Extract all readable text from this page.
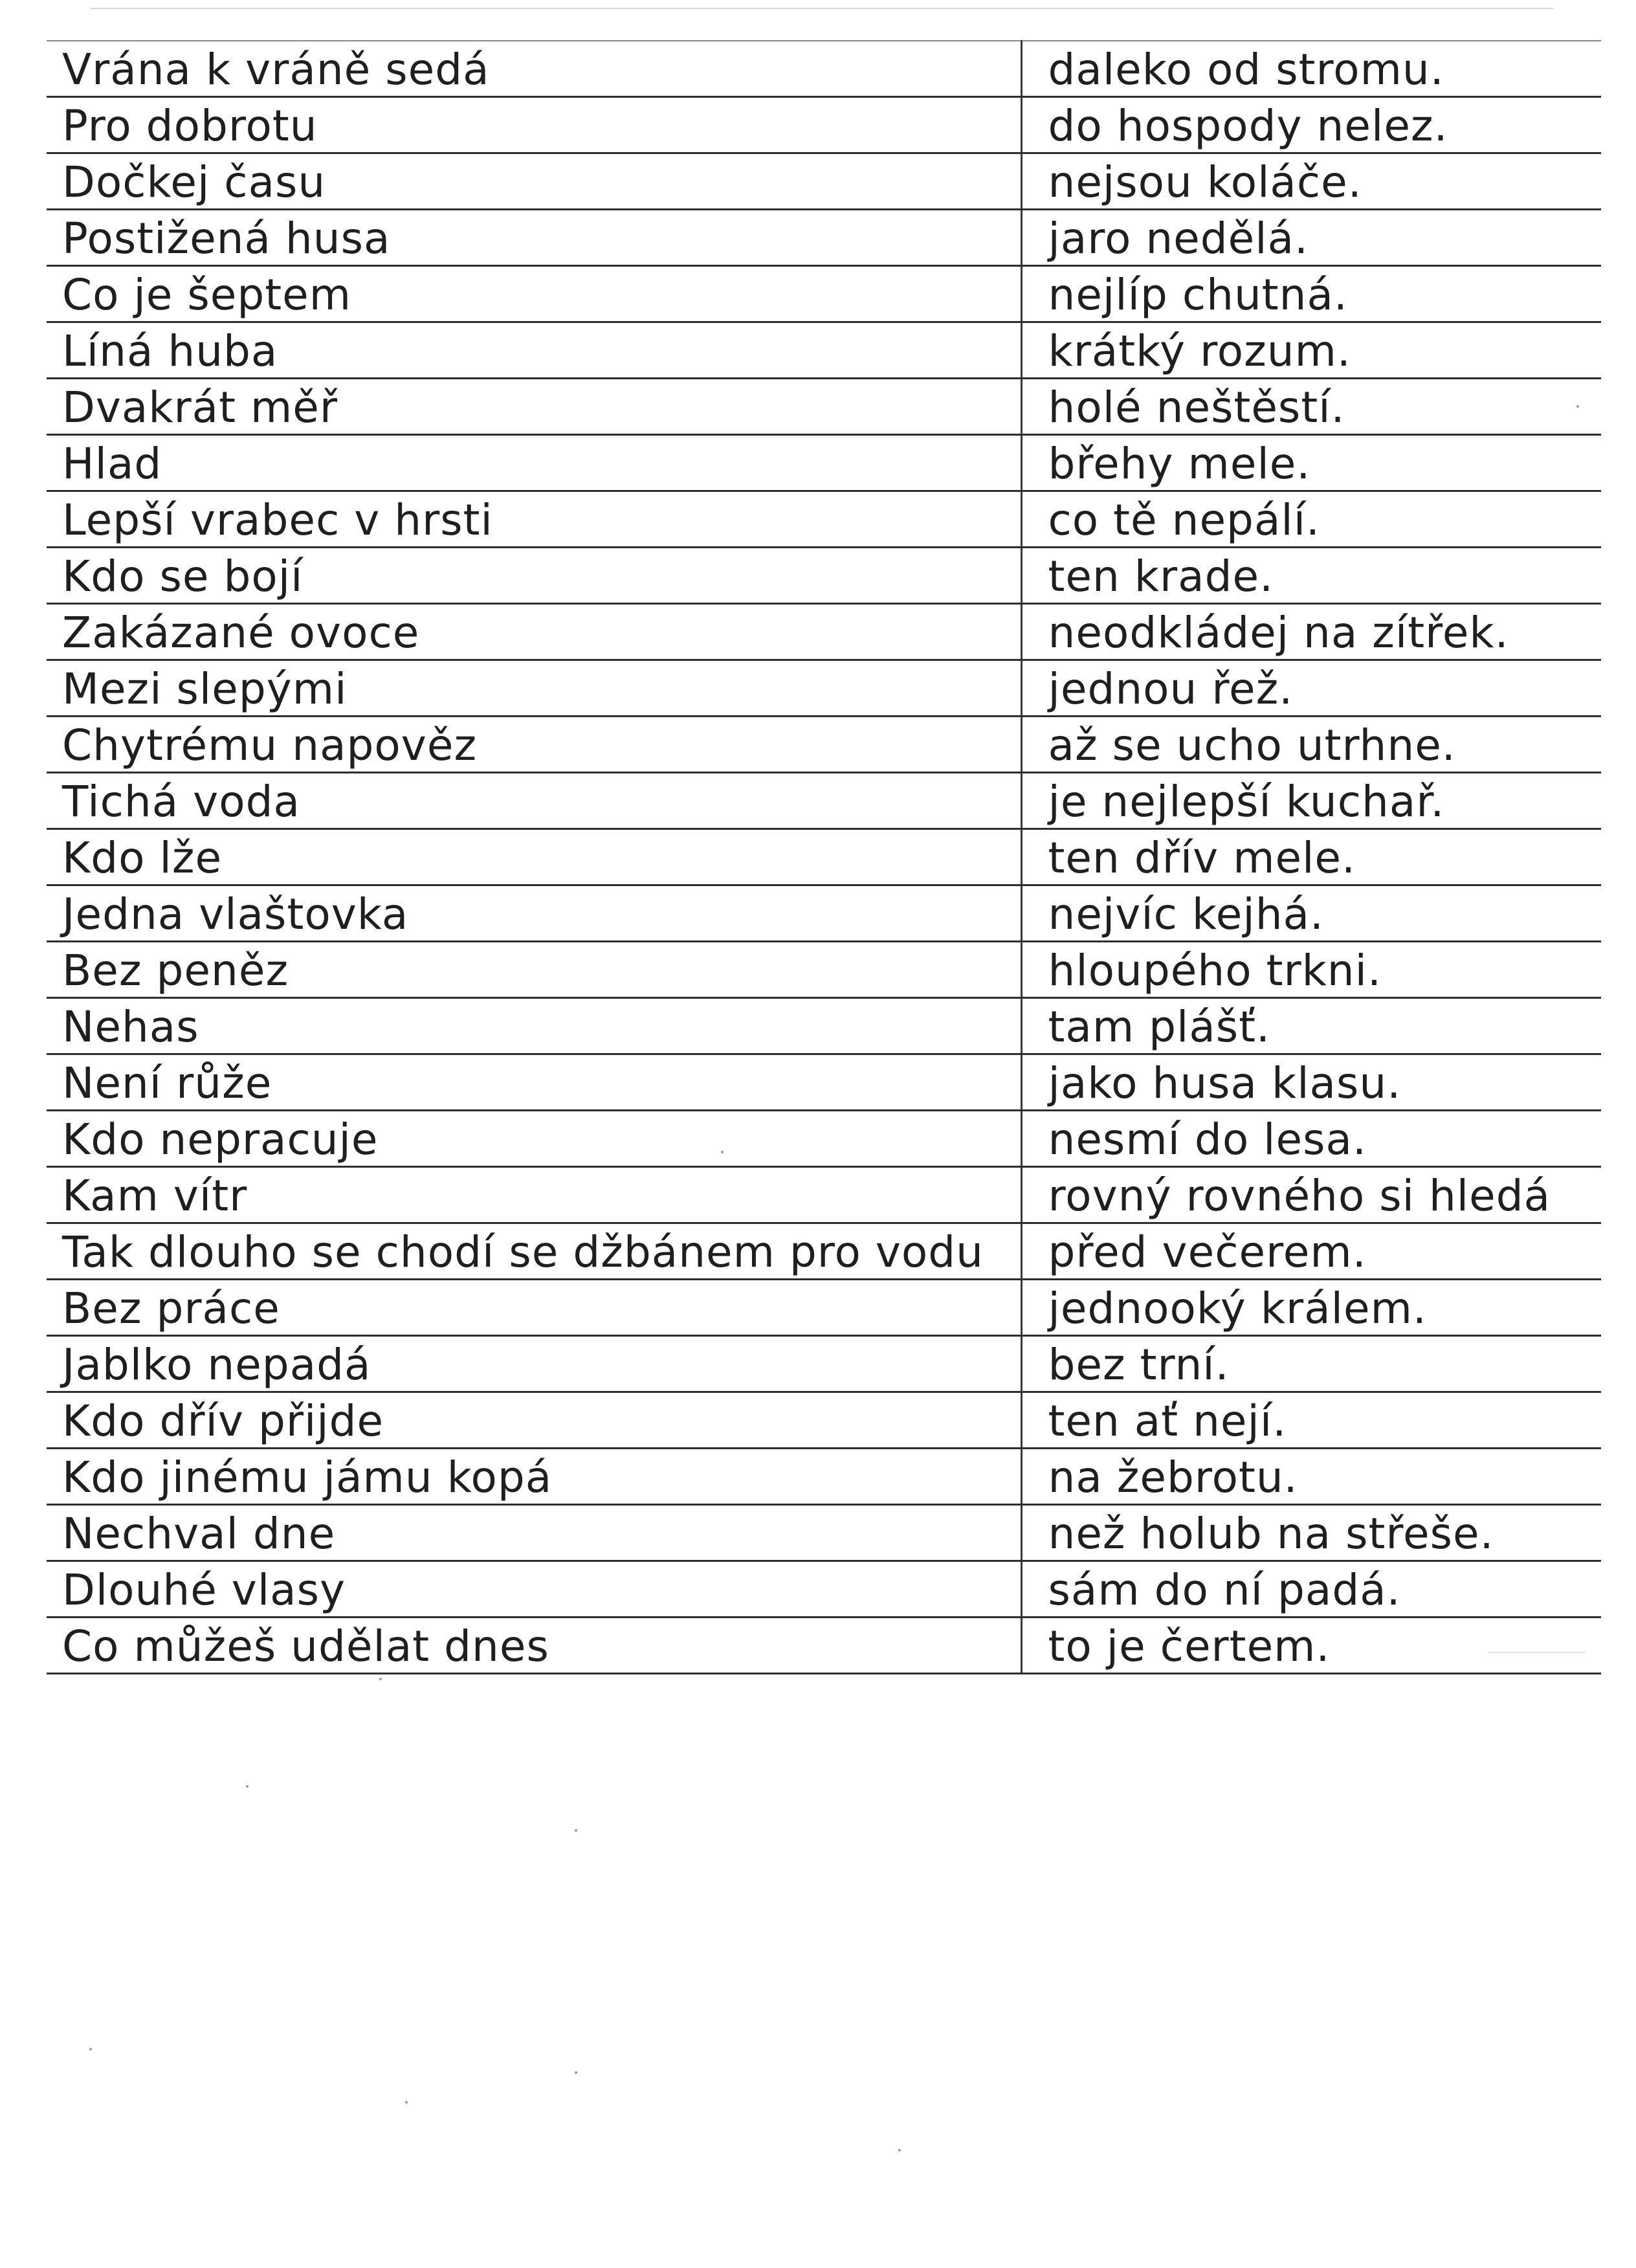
Vrána k vráně sedá	daleko od stromu.
Pro dobrotu	do hospody nelez.
Dočkej času	nejsou koláče.
Postižená husa	jaro nedělá.
Co je šeptem	nejlíp chutná.
Líná huba	krátký rozum.
Dvakrát měř	holé neštěstí.
Hlad	břehy mele.
Lepší vrabec v hrsti	co tě nepálí.
Kdo se bojí	ten krade.
Zakázané ovoce	neodkládej na zítřek.
Mezi slepými	jednou řež.
Chytrému napověz	až se ucho utrhne.
Tichá voda	je nejlepší kuchař.
Kdo lže	ten dřív mele.
Jedna vlaštovka	nejvíc kejhá.
Bez peněz	hloupého trkni.
Nehas	tam plášť.
Není růže	jako husa klasu.
Kdo nepracuje	nesmí do lesa.
Kam vítr	rovný rovného si hledá
Tak dlouho se chodí se džbánem pro vodu	před večerem.
Bez práce	jednooký králem.
Jablko nepadá	bez trní.
Kdo dřív přijde	ten ať nejí.
Kdo jinému jámu kopá	na žebrotu.
Nechval dne	než holub na střeše.
Dlouhé vlasy	sám do ní padá.
Co můžeš udělat dnes	to je čertem.
